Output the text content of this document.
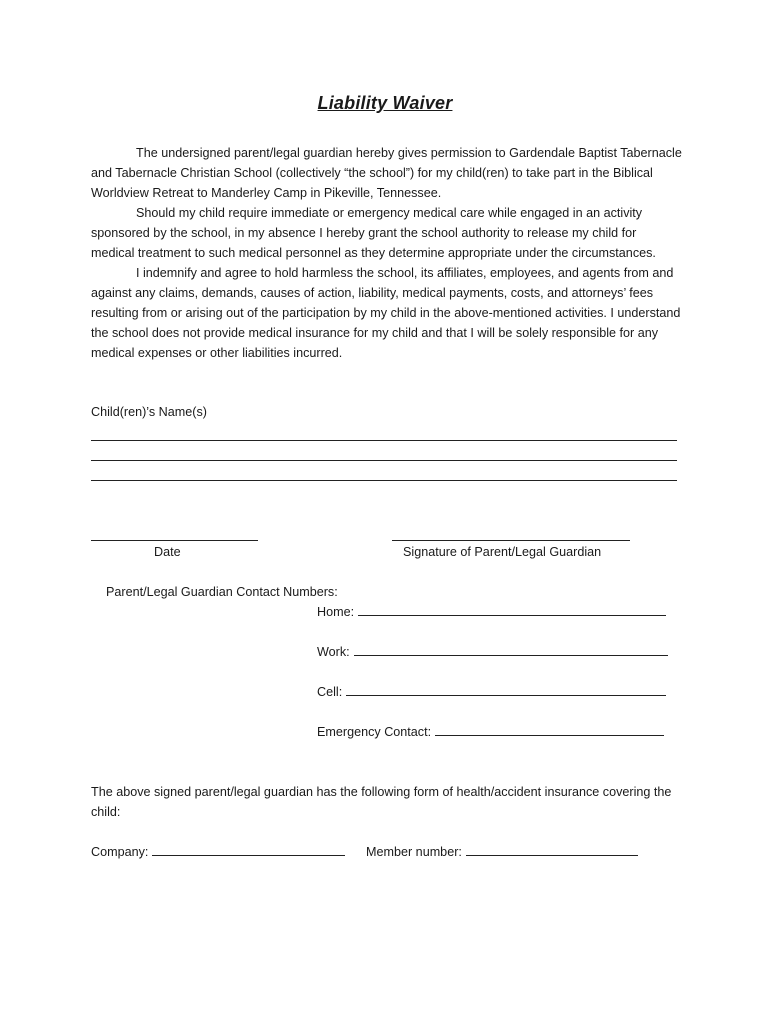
Liability Waiver

The undersigned parent/legal guardian hereby gives permission to Gardendale Baptist Tabernacle and Tabernacle Christian School (collectively “the school”) for my child(ren) to take part in the Biblical Worldview Retreat to Manderley Camp in Pikeville, Tennessee.

Should my child require immediate or emergency medical care while engaged in an activity sponsored by the school, in my absence I hereby grant the school authority to release my child for medical treatment to such medical personnel as they determine appropriate under the circumstances.

I indemnify and agree to hold harmless the school, its affiliates, employees, and agents from and against any claims, demands, causes of action, liability, medical payments, costs, and attorneys’ fees resulting from or arising out of the participation by my child in the above-mentioned activities. I understand the school does not provide medical insurance for my child and that I will be solely responsible for any medical expenses or other liabilities incurred.

Child(ren)’s Name(s)
Date	Signature of Parent/Legal Guardian
Parent/Legal Guardian Contact Numbers:
Home:
Work:
Cell:
Emergency Contact:
The above signed parent/legal guardian has the following form of health/accident insurance covering the child:
Company:	Member number:
